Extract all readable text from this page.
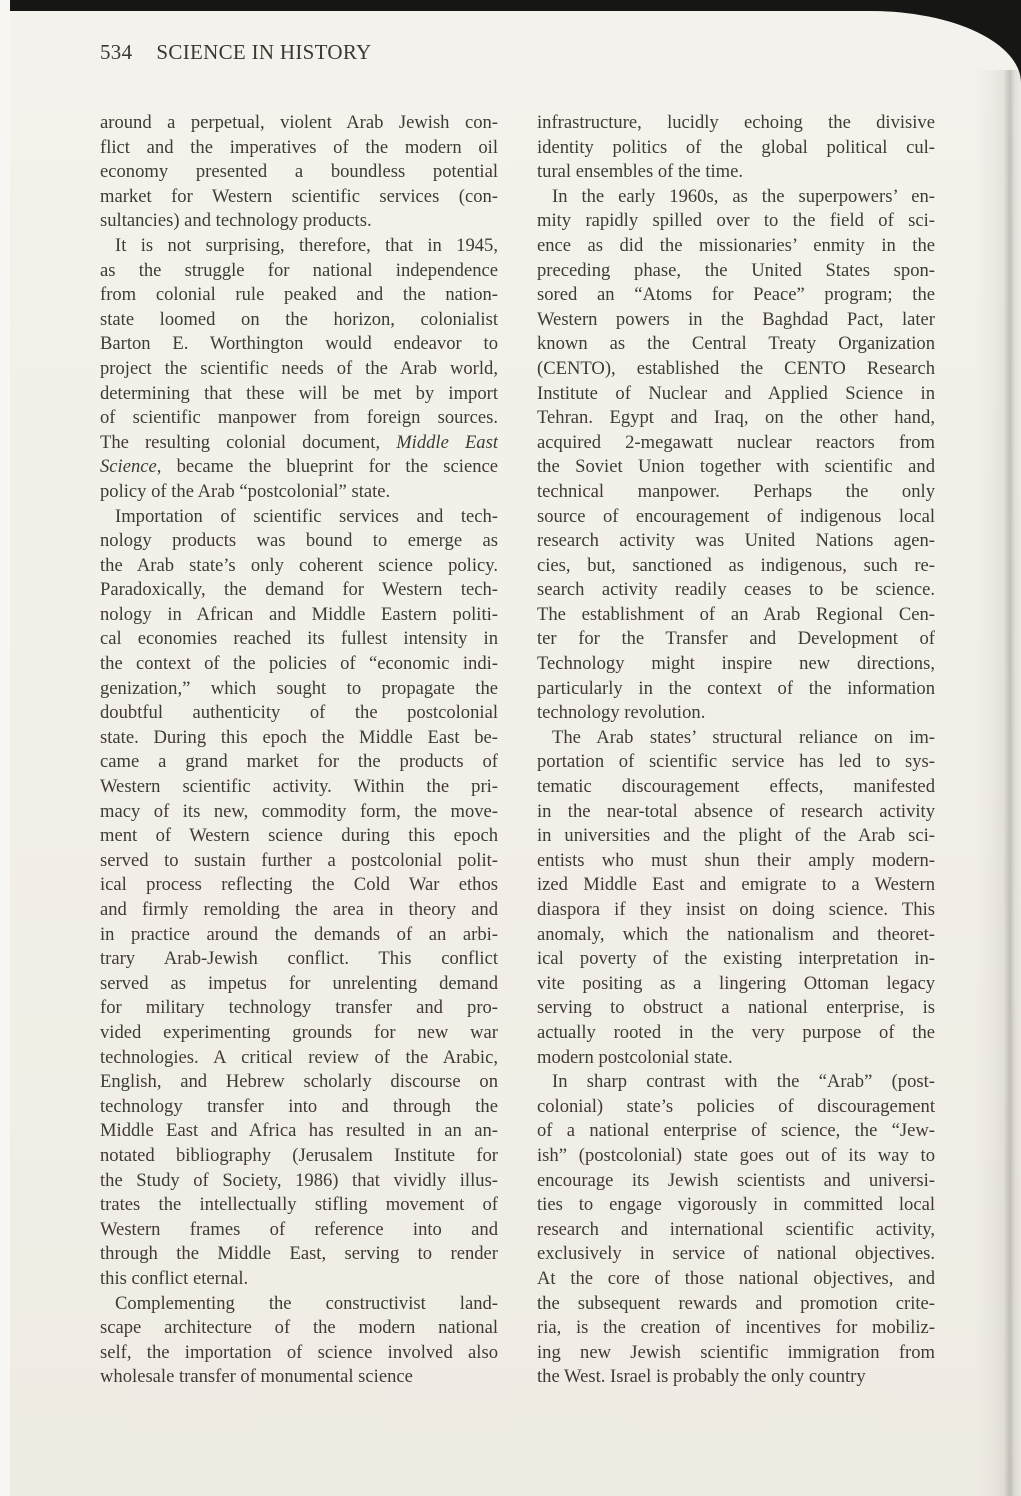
534 SCIENCE IN HISTORY
around a perpetual, violent Arab Jewish con-
flict and the imperatives of the modern oil
economy presented a boundless potential
market for Western scientific services (con-
sultancies) and technology products.
It is not surprising, therefore, that in 1945,
as the struggle for national independence
from colonial rule peaked and the nation-
state loomed on the horizon, colonialist
Barton E. Worthington would endeavor to
project the scientific needs of the Arab world,
determining that these will be met by import
of scientific manpower from foreign sources.
The resulting colonial document, Middle East
Science, became the blueprint for the science
policy of the Arab “postcolonial” state.
Importation of scientific services and tech-
nology products was bound to emerge as
the Arab state’s only coherent science policy.
Paradoxically, the demand for Western tech-
nology in African and Middle Eastern politi-
cal economies reached its fullest intensity in
the context of the policies of “economic indi-
genization,” which sought to propagate the
doubtful authenticity of the postcolonial
state. During this epoch the Middle East be-
came a grand market for the products of
Western scientific activity. Within the pri-
macy of its new, commodity form, the move-
ment of Western science during this epoch
served to sustain further a postcolonial polit-
ical process reflecting the Cold War ethos
and firmly remolding the area in theory and
in practice around the demands of an arbi-
trary Arab-Jewish conflict. This conflict
served as impetus for unrelenting demand
for military technology transfer and pro-
vided experimenting grounds for new war
technologies. A critical review of the Arabic,
English, and Hebrew scholarly discourse on
technology transfer into and through the
Middle East and Africa has resulted in an an-
notated bibliography (Jerusalem Institute for
the Study of Society, 1986) that vividly illus-
trates the intellectually stifling movement of
Western frames of reference into and
through the Middle East, serving to render
this conflict eternal.
Complementing the constructivist land-
scape architecture of the modern national
self, the importation of science involved also
wholesale transfer of monumental science
infrastructure, lucidly echoing the divisive
identity politics of the global political cul-
tural ensembles of the time.
In the early 1960s, as the superpowers’ en-
mity rapidly spilled over to the field of sci-
ence as did the missionaries’ enmity in the
preceding phase, the United States spon-
sored an “Atoms for Peace” program; the
Western powers in the Baghdad Pact, later
known as the Central Treaty Organization
(CENTO), established the CENTO Research
Institute of Nuclear and Applied Science in
Tehran. Egypt and Iraq, on the other hand,
acquired 2-megawatt nuclear reactors from
the Soviet Union together with scientific and
technical manpower. Perhaps the only
source of encouragement of indigenous local
research activity was United Nations agen-
cies, but, sanctioned as indigenous, such re-
search activity readily ceases to be science.
The establishment of an Arab Regional Cen-
ter for the Transfer and Development of
Technology might inspire new directions,
particularly in the context of the information
technology revolution.
The Arab states’ structural reliance on im-
portation of scientific service has led to sys-
tematic discouragement effects, manifested
in the near-total absence of research activity
in universities and the plight of the Arab sci-
entists who must shun their amply modern-
ized Middle East and emigrate to a Western
diaspora if they insist on doing science. This
anomaly, which the nationalism and theoret-
ical poverty of the existing interpretation in-
vite positing as a lingering Ottoman legacy
serving to obstruct a national enterprise, is
actually rooted in the very purpose of the
modern postcolonial state.
In sharp contrast with the “Arab” (post-
colonial) state’s policies of discouragement
of a national enterprise of science, the “Jew-
ish” (postcolonial) state goes out of its way to
encourage its Jewish scientists and universi-
ties to engage vigorously in committed local
research and international scientific activity,
exclusively in service of national objectives.
At the core of those national objectives, and
the subsequent rewards and promotion crite-
ria, is the creation of incentives for mobiliz-
ing new Jewish scientific immigration from
the West. Israel is probably the only country
